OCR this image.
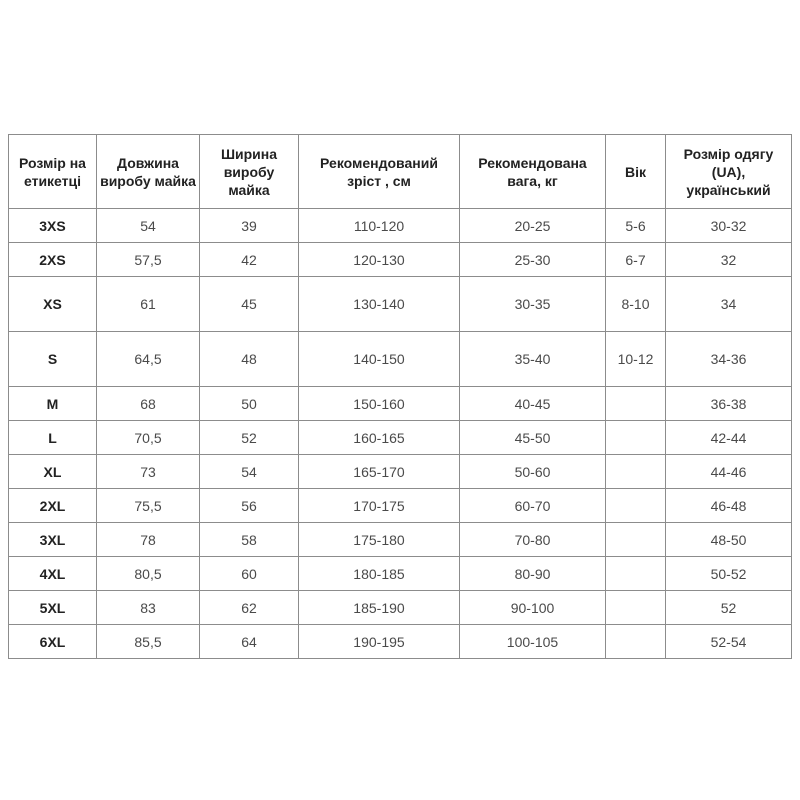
Розмір на етикетці	Довжина виробу майка	Ширина виробу майка	Рекомендований зріст , см	Рекомендована вага, кг	Вік	Розмір одягу (UA), український
3XS	54	39	110-120	20-25	5-6	30-32
2XS	57,5	42	120-130	25-30	6-7	32
XS	61	45	130-140	30-35	8-10	34
S	64,5	48	140-150	35-40	10-12	34-36
M	68	50	150-160	40-45		36-38
L	70,5	52	160-165	45-50		42-44
XL	73	54	165-170	50-60		44-46
2XL	75,5	56	170-175	60-70		46-48
3XL	78	58	175-180	70-80		48-50
4XL	80,5	60	180-185	80-90		50-52
5XL	83	62	185-190	90-100		52
6XL	85,5	64	190-195	100-105		52-54
